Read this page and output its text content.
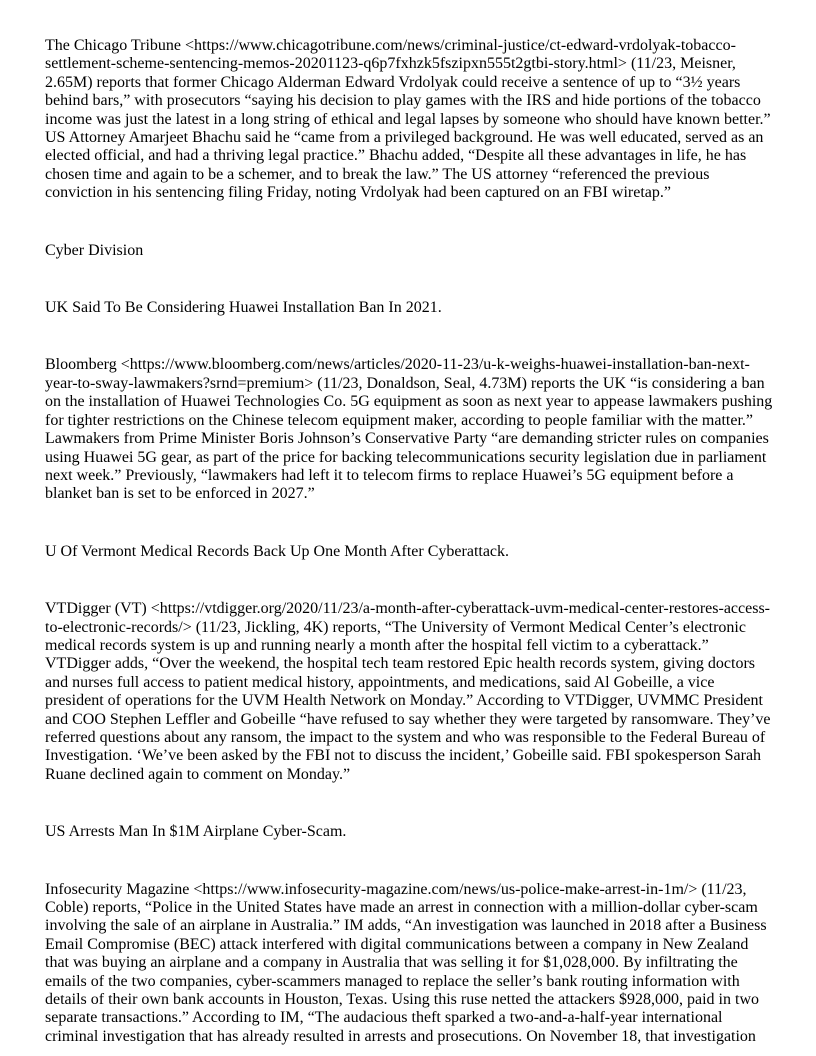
The Chicago Tribune <https://www.chicagotribune.com/news/criminal-justice/ct-edward-vrdolyak-tobacco-settlement-scheme-sentencing-memos-20201123-q6p7fxhzk5fszipxn555t2gtbi-story.html> (11/23, Meisner, 2.65M) reports that former Chicago Alderman Edward Vrdolyak could receive a sentence of up to “3½ years behind bars,” with prosecutors “saying his decision to play games with the IRS and hide portions of the tobacco income was just the latest in a long string of ethical and legal lapses by someone who should have known better.” US Attorney Amarjeet Bhachu said he “came from a privileged background. He was well educated, served as an elected official, and had a thriving legal practice.” Bhachu added, “Despite all these advantages in life, he has chosen time and again to be a schemer, and to break the law.” The US attorney “referenced the previous conviction in his sentencing filing Friday, noting Vrdolyak had been captured on an FBI wiretap.”

Cyber Division

UK Said To Be Considering Huawei Installation Ban In 2021.

Bloomberg <https://www.bloomberg.com/news/articles/2020-11-23/u-k-weighs-huawei-installation-ban-next-year-to-sway-lawmakers?srnd=premium> (11/23, Donaldson, Seal, 4.73M) reports the UK “is considering a ban on the installation of Huawei Technologies Co. 5G equipment as soon as next year to appease lawmakers pushing for tighter restrictions on the Chinese telecom equipment maker, according to people familiar with the matter.” Lawmakers from Prime Minister Boris Johnson’s Conservative Party “are demanding stricter rules on companies using Huawei 5G gear, as part of the price for backing telecommunications security legislation due in parliament next week.” Previously, “lawmakers had left it to telecom firms to replace Huawei’s 5G equipment before a blanket ban is set to be enforced in 2027.”

U Of Vermont Medical Records Back Up One Month After Cyberattack.

VTDigger (VT) <https://vtdigger.org/2020/11/23/a-month-after-cyberattack-uvm-medical-center-restores-access-to-electronic-records/> (11/23, Jickling, 4K) reports, “The University of Vermont Medical Center’s electronic medical records system is up and running nearly a month after the hospital fell victim to a cyberattack.” VTDigger adds, “Over the weekend, the hospital tech team restored Epic health records system, giving doctors and nurses full access to patient medical history, appointments, and medications, said Al Gobeille, a vice president of operations for the UVM Health Network on Monday.” According to VTDigger, UVMMC President and COO Stephen Leffler and Gobeille “have refused to say whether they were targeted by ransomware. They’ve referred questions about any ransom, the impact to the system and who was responsible to the Federal Bureau of Investigation. ‘We’ve been asked by the FBI not to discuss the incident,’ Gobeille said. FBI spokesperson Sarah Ruane declined again to comment on Monday.”

US Arrests Man In $1M Airplane Cyber-Scam.

Infosecurity Magazine <https://www.infosecurity-magazine.com/news/us-police-make-arrest-in-1m/> (11/23, Coble) reports, “Police in the United States have made an arrest in connection with a million-dollar cyber-scam involving the sale of an airplane in Australia.” IM adds, “An investigation was launched in 2018 after a Business Email Compromise (BEC) attack interfered with digital communications between a company in New Zealand that was buying an airplane and a company in Australia that was selling it for $1,028,000. By infiltrating the emails of the two companies, cyber-scammers managed to replace the seller’s bank routing information with details of their own bank accounts in Houston, Texas. Using this ruse netted the attackers $928,000, paid in two separate transactions.” According to IM, “The audacious theft sparked a two-and-a-half-year international criminal investigation that has already resulted in arrests and prosecutions. On November 18, that investigation
